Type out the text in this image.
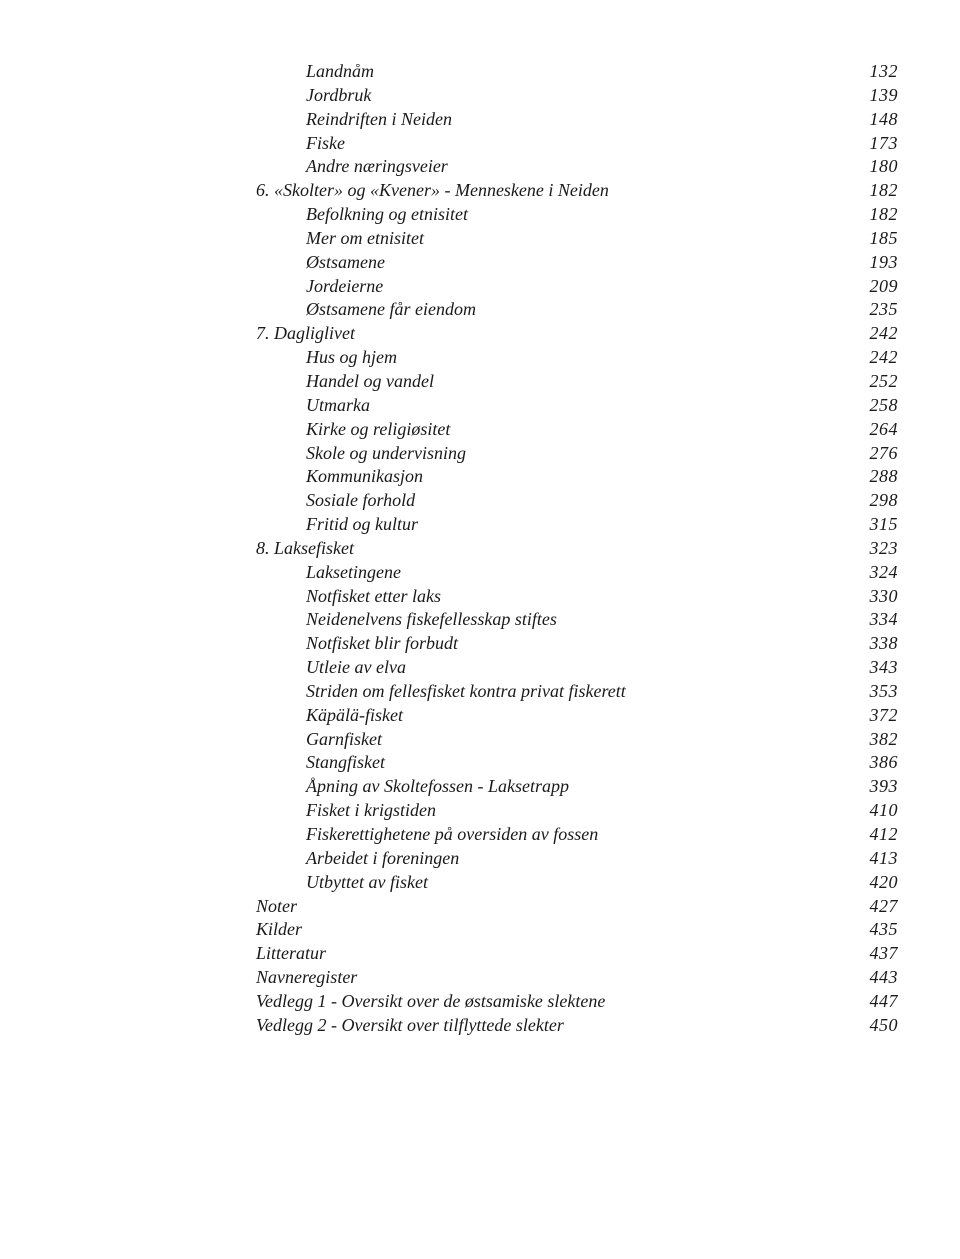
Landnåm	132
Jordbruk	139
Reindriften i Neiden	148
Fiske	173
Andre næringsveier	180
6. «Skolter» og «Kvener» - Menneskene i Neiden	182
Befolkning og etnisitet	182
Mer om etnisitet	185
Østsamene	193
Jordeierne	209
Østsamene får eiendom	235
7. Dagliglivet	242
Hus og hjem	242
Handel og vandel	252
Utmarka	258
Kirke og religiøsitet	264
Skole og undervisning	276
Kommunikasjon	288
Sosiale forhold	298
Fritid og kultur	315
8. Laksefisket	323
Laksetingene	324
Notfisket etter laks	330
Neidenelvens fiskefellesskap stiftes	334
Notfisket blir forbudt	338
Utleie av elva	343
Striden om fellesfisket kontra privat fiskerett	353
Käpälä-fisket	372
Garnfisket	382
Stangfisket	386
Åpning av Skoltefossen - Laksetrapp	393
Fisket i krigstiden	410
Fiskerettighetene på oversiden av fossen	412
Arbeidet i foreningen	413
Utbyttet av fisket	420
Noter	427
Kilder	435
Litteratur	437
Navneregister	443
Vedlegg 1 - Oversikt over de østsamiske slektene	447
Vedlegg 2 - Oversikt over tilflyttede slekter	450
